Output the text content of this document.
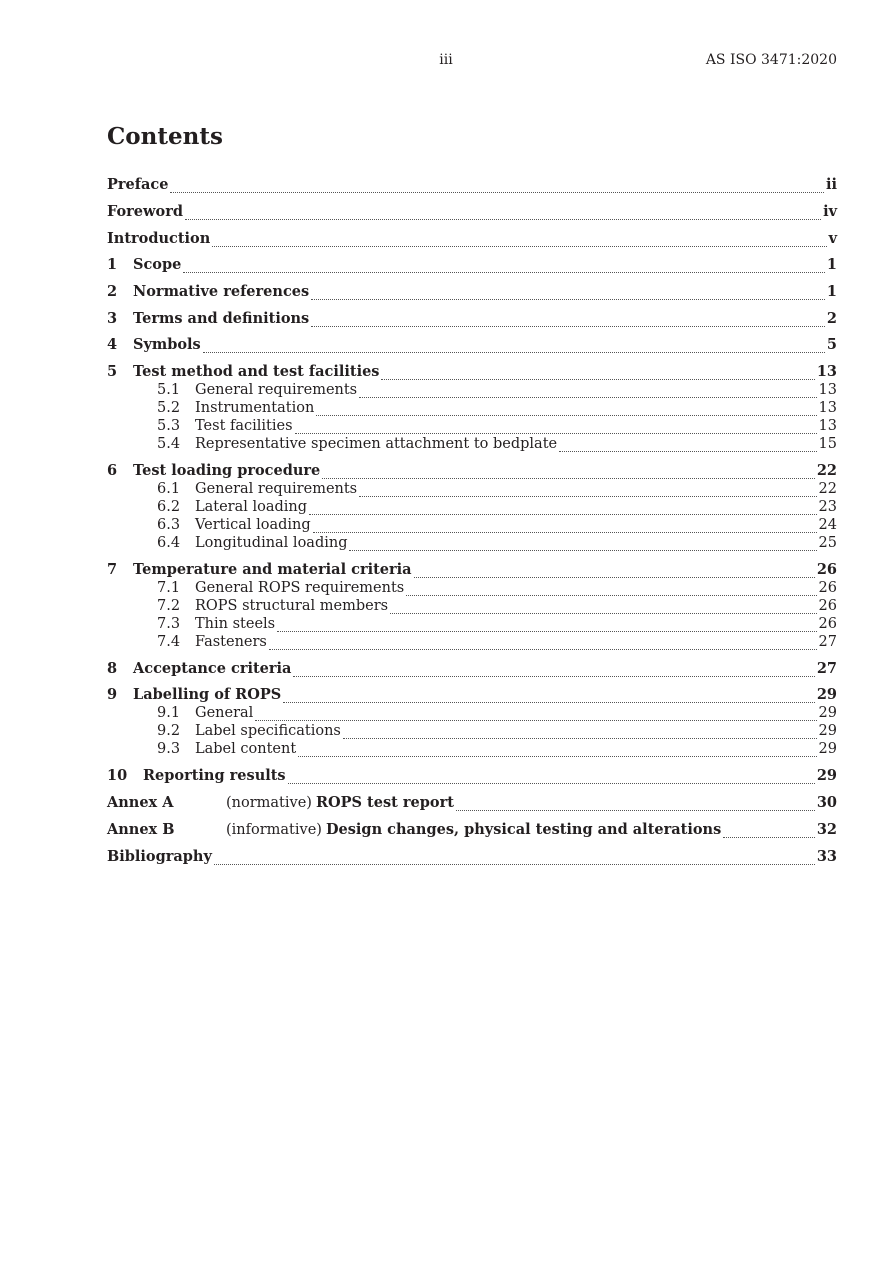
iii	AS ISO 3471:2020
Contents
Preface	ii
Foreword	iv
Introduction	v
1	Scope	1
2	Normative references	1
3	Terms and definitions	2
4	Symbols	5
5	Test method and test facilities	13
5.1	General requirements	13
5.2	Instrumentation	13
5.3	Test facilities	13
5.4	Representative specimen attachment to bedplate	15
6	Test loading procedure	22
6.1	General requirements	22
6.2	Lateral loading	23
6.3	Vertical loading	24
6.4	Longitudinal loading	25
7	Temperature and material criteria	26
7.1	General ROPS requirements	26
7.2	ROPS structural members	26
7.3	Thin steels	26
7.4	Fasteners	27
8	Acceptance criteria	27
9	Labelling of ROPS	29
9.1	General	29
9.2	Label specifications	29
9.3	Label content	29
10	Reporting results	29
Annex A	(normative) ROPS test report	30
Annex B	(informative) Design changes, physical testing and alterations	32
Bibliography	33
